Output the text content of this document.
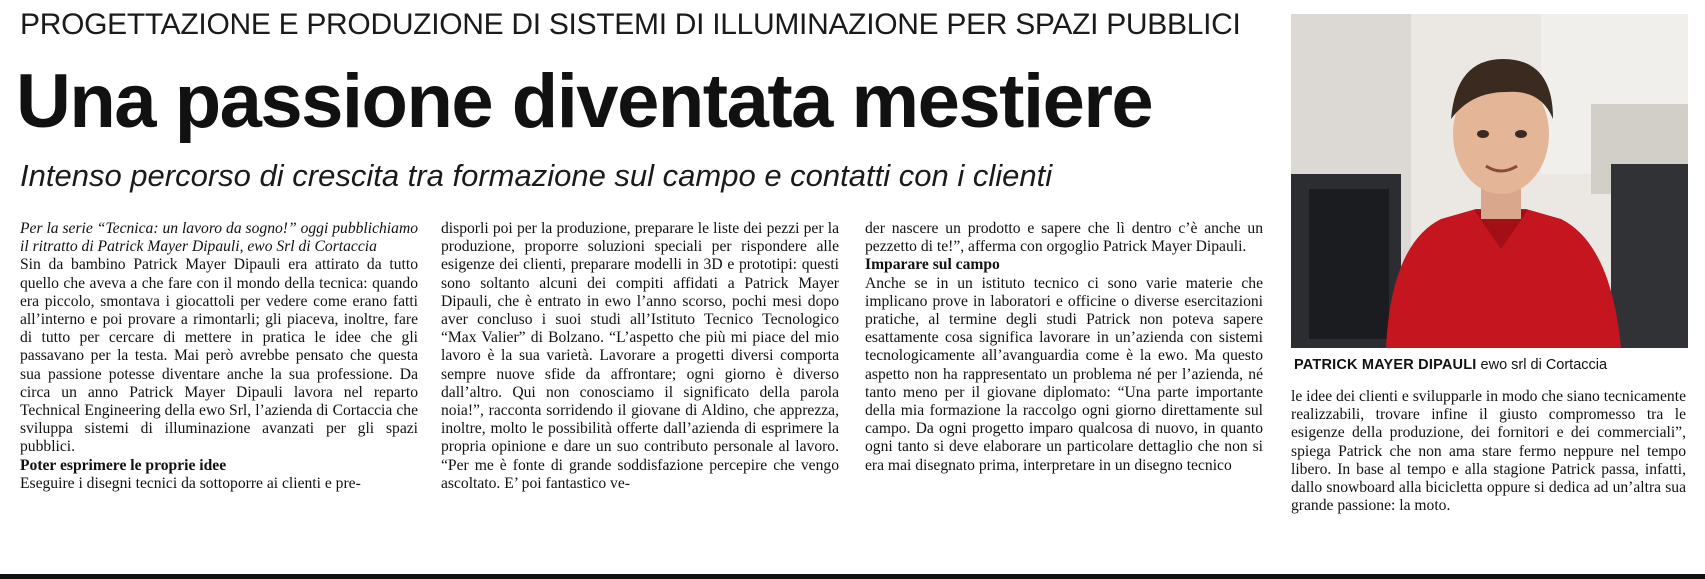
PROGETTAZIONE E PRODUZIONE DI SISTEMI DI ILLUMINAZIONE PER SPAZI PUBBLICI
Una passione diventata mestiere
Intenso percorso di crescita tra formazione sul campo e contatti con i clienti

Per la serie “Tecnica: un lavoro da sogno!” oggi pubblichiamo il ritratto di Patrick Mayer Dipauli, ewo Srl di Cortaccia

Sin da bambino Patrick Mayer Dipauli era attirato da tutto quello che aveva a che fare con il mondo della tecnica: quando era piccolo, smontava i giocattoli per vedere come erano fatti all’interno e poi provare a rimontarli; gli piaceva, inoltre, fare di tutto per cercare di mettere in pratica le idee che gli passavano per la testa. Mai però avrebbe pensato che questa sua passione potesse diventare anche la sua professione. Da circa un anno Patrick Mayer Dipauli lavora nel reparto Technical Engineering della ewo Srl, l’azienda di Cortaccia che sviluppa sistemi di illuminazione avanzati per gli spazi pubblici.

Poter esprimere le proprie idee

Eseguire i disegni tecnici da sottoporre ai clienti e pre-

disporli poi per la produzione, preparare le liste dei pezzi per la produzione, proporre soluzioni speciali per rispondere alle esigenze dei clienti, preparare modelli in 3D e prototipi: questi sono soltanto alcuni dei compiti affidati a Patrick Mayer Dipauli, che è entrato in ewo l’anno scorso, pochi mesi dopo aver concluso i suoi studi all’Istituto Tecnico Tecnologico “Max Valier” di Bolzano. “L’aspetto che più mi piace del mio lavoro è la sua varietà. Lavorare a progetti diversi comporta sempre nuove sfide da affrontare; ogni giorno è diverso dall’altro. Qui non conosciamo il significato della parola noia!”, racconta sorridendo il giovane di Aldino, che apprezza, inoltre, molto le possibilità offerte dall’azienda di esprimere la propria opinione e dare un suo contributo personale al lavoro. “Per me è fonte di grande soddisfazione percepire che vengo ascoltato. E’ poi fantastico ve-

der nascere un prodotto e sapere che lì dentro c’è anche un pezzetto di te!”, afferma con orgoglio Patrick Mayer Dipauli.

Imparare sul campo

Anche se in un istituto tecnico ci sono varie materie che implicano prove in laboratori e officine o diverse esercitazioni pratiche, al termine degli studi Patrick non poteva sapere esattamente cosa significa lavorare in un’azienda con sistemi tecnologicamente all’avanguardia come è la ewo. Ma questo aspetto non ha rappresentato un problema né per l’azienda, né tanto meno per il giovane diplomato: “Una parte importante della mia formazione la raccolgo ogni giorno direttamente sul campo. Da ogni progetto imparo qualcosa di nuovo, in quanto ogni tanto si deve elaborare un particolare dettaglio che non si era mai disegnato prima, interpretare in un disegno tecnico

PATRICK MAYER DIPAULI ewo srl di Cortaccia

le idee dei clienti e svilupparle in modo che siano tecnicamente realizzabili, trovare infine il giusto compromesso tra le esigenze della produzione, dei fornitori e dei commerciali”, spiega Patrick che non ama stare fermo neppure nel tempo libero. In base al tempo e alla stagione Patrick passa, infatti, dallo snowboard alla bicicletta oppure si dedica ad un’altra sua grande passione: la moto.
